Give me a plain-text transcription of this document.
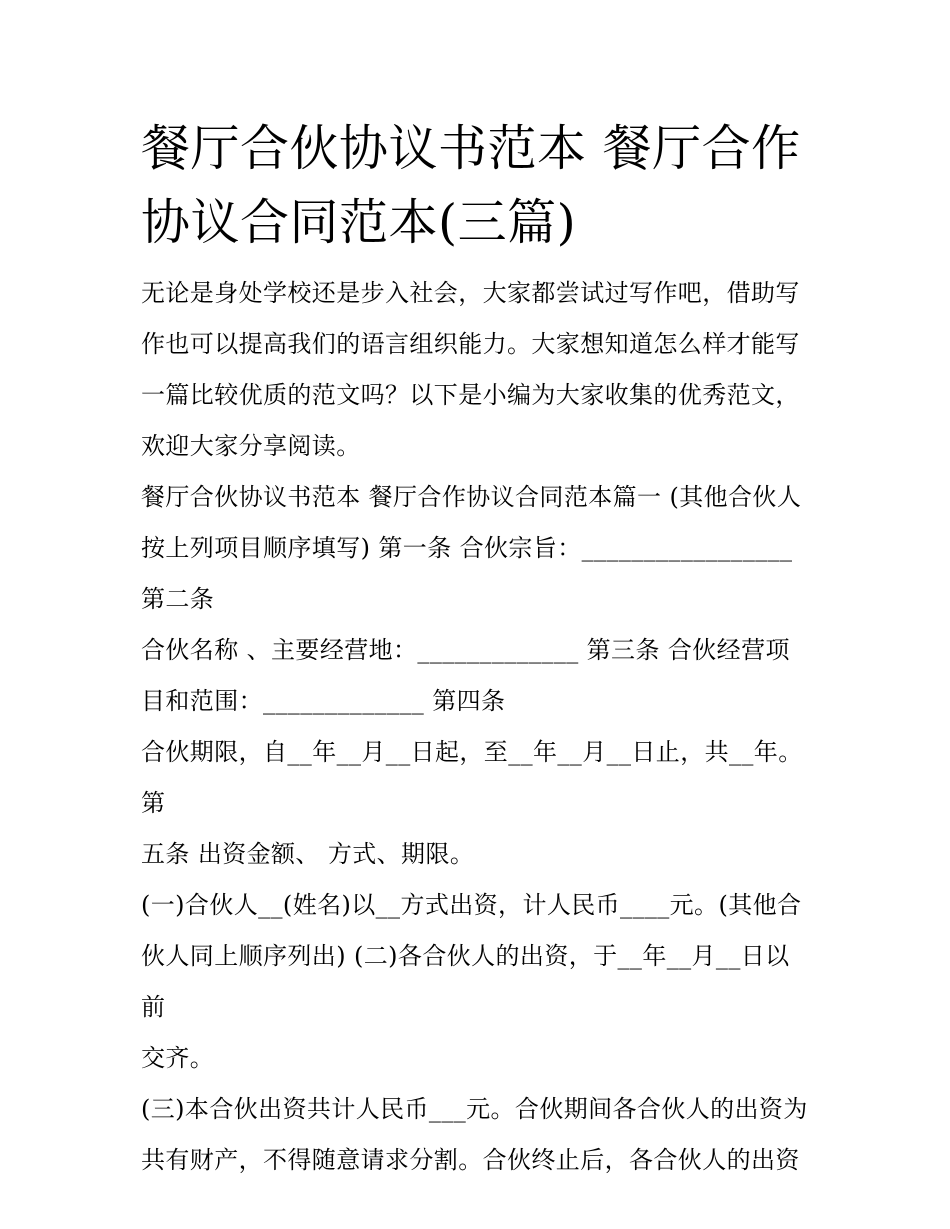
餐厅合伙协议书范本 餐厅合作
协议合同范本(三篇)

无论是身处学校还是步入社会，大家都尝试过写作吧，借助写
作也可以提高我们的语言组织能力。大家想知道怎么样才能写
一篇比较优质的范文吗？以下是小编为大家收集的优秀范文，
欢迎大家分享阅读。

餐厅合伙协议书范本 餐厅合作协议合同范本篇一 (其他合伙人
按上列项目顺序填写) 第一条 合伙宗旨：_________________
第二条

合伙名称 、主要经营地：_____________ 第三条 合伙经营项
目和范围：_____________ 第四条

合伙期限，自__年__月__日起，至__年__月__日止，共__年。 第
五条 出资金额、 方式、期限。

(一)合伙人__(姓名)以__方式出资，计人民币____元。(其他合
伙人同上顺序列出) (二)各合伙人的出资，于__年__月__日以前
交齐。

(三)本合伙出资共计人民币___元。合伙期间各合伙人的出资为
共有财产，不得随意请求分割。合伙终止后，各合伙人的出资
